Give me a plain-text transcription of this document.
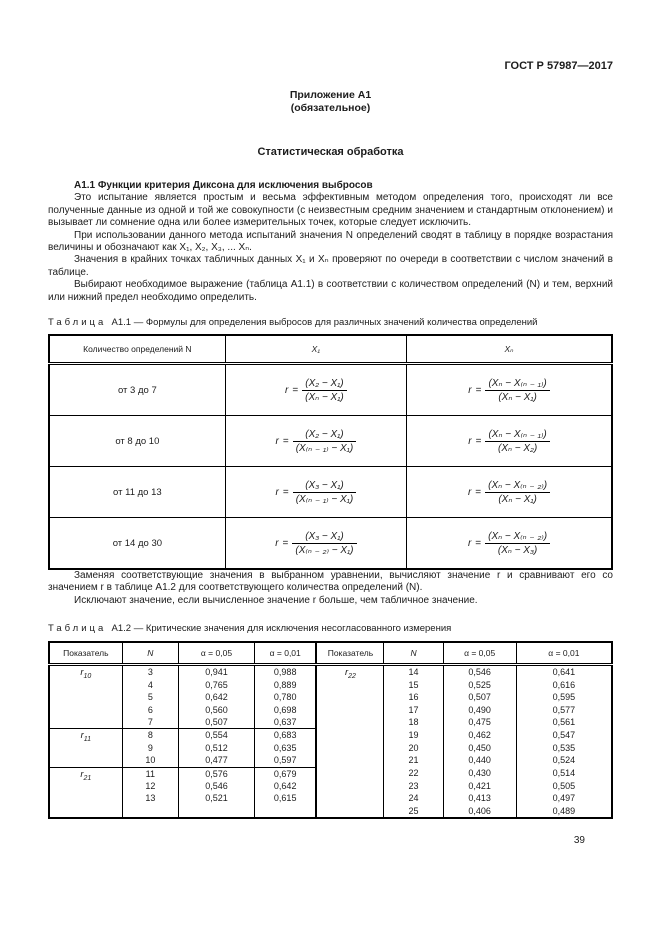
ГОСТ Р 57987—2017
Приложение А1
(обязательное)
Статистическая обработка
А1.1 Функции критерия Диксона для исключения выбросов

Это испытание является простым и весьма эффективным методом определения того, происходят ли все полученные данные из одной и той же совокупности (с неизвестным средним значением и стандартным отклонением) и вызывает ли сомнение одна или более измерительных точек, которые следует исключить.

При использовании данного метода испытаний значения N определений сводят в таблицу в порядке возрастания величины и обозначают как X₁, X₂, X₃, ... Xₙ.

Значения в крайних точках табличных данных X₁ и Xₙ проверяют по очереди в соответствии с числом значений в таблице.

Выбирают необходимое выражение (таблица А1.1) в соответствии с количеством определений (N) и тем, верхний или нижний предел необходимо определить.

Таблица А1.1 — Формулы для определения выбросов для различных значений количества определений
Количество определений N	X₁	Xₙ
от 3 до 7	$r = \frac{\text{(X₂ − X₁)}}{\text{(Xₙ − X₁)}}$	$r = \frac{\text{(Xₙ − X₍ₙ ₋ ₁₎)}}{\text{(Xₙ − X₁)}}$

от 8 до 10	$r = \frac{\text{(X₂ − X₁)}}{\text{(X₍ₙ ₋ ₁₎ − X₁)}}$	$r = \frac{\text{(Xₙ − X₍ₙ ₋ ₁₎)}}{\text{(Xₙ − X₂)}}$

от 11 до 13	$r = \frac{\text{(X₃ − X₁)}}{\text{(X₍ₙ ₋ ₁₎ − X₁)}}$	$r = \frac{\text{(Xₙ − X₍ₙ ₋ ₂₎)}}{\text{(Xₙ − X₁)}}$

от 14 до 30	$r = \frac{\text{(X₃ − X₁)}}{\text{(X₍ₙ ₋ ₂₎ − X₁)}}$	$r = \frac{\text{(Xₙ − X₍ₙ ₋ ₂₎)}}{\text{(Xₙ − X₃)}}$

Заменяя соответствующие значения в выбранном уравнении, вычисляют значение r и сравнивают его со значением r в таблице А1.2 для соответствующего количества определений (N).

Исключают значение, если вычисленное значение r больше, чем табличное значение.

Таблица А1.2 — Критические значения для исключения несогласованного измерения
Показатель	N	α = 0,05	α = 0,01	Показатель	N	α = 0,05	α = 0,01
$r_{10}$	3	0,941	0,988	$r_{22}$	14	0,546	0,641
	4	0,765	0,889		15	0,525	0,616
	5	0,642	0,780		16	0,507	0,595
	6	0,560	0,698		17	0,490	0,577
	7	0,507	0,637		18	0,475	0,561
$r_{11}$	8	0,554	0,683		19	0,462	0,547
	9	0,512	0,635		20	0,450	0,535
	10	0,477	0,597		21	0,440	0,524
$r_{21}$	11	0,576	0,679		22	0,430	0,514
	12	0,546	0,642		23	0,421	0,505
	13	0,521	0,615		24	0,413	0,497
					25	0,406	0,489
39
